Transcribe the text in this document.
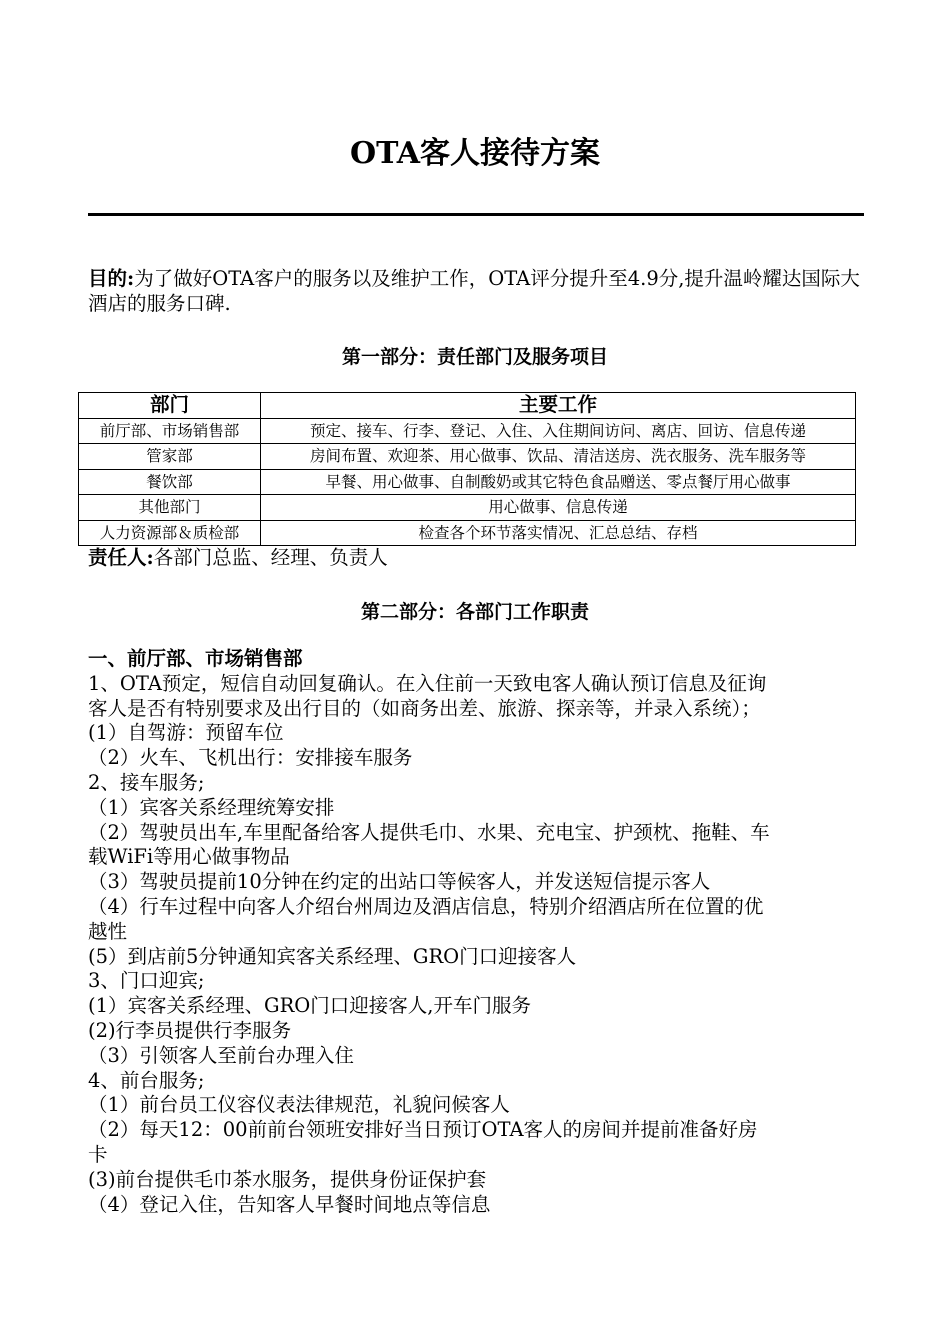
OTA客人接待方案
目的:为了做好OTA客户的服务以及维护工作，OTA评分提升至4.9分,提升温岭耀达国际大酒店的服务口碑.
第一部分：责任部门及服务项目
部门	主要工作
前厅部、市场销售部	预定、接车、行李、登记、入住、入住期间访问、离店、回访、信息传递
管家部	房间布置、欢迎茶、用心做事、饮品、清洁送房、洗衣服务、洗车服务等
餐饮部	早餐、用心做事、自制酸奶或其它特色食品赠送、零点餐厅用心做事
其他部门	用心做事、信息传递
人力资源部＆质检部	检查各个环节落实情况、汇总总结、存档
责任人:各部门总监、经理、负责人
第二部分：各部门工作职责
一、前厅部、市场销售部
1、OTA预定，短信自动回复确认。在入住前一天致电客人确认预订信息及征询
客人是否有特别要求及出行目的（如商务出差、旅游、探亲等，并录入系统）；
(1）自驾游：预留车位
（2）火车、飞机出行：安排接车服务
2、接车服务;
（1）宾客关系经理统筹安排
（2）驾驶员出车,车里配备给客人提供毛巾、水果、充电宝、护颈枕、拖鞋、车
载WiFi等用心做事物品
（3）驾驶员提前10分钟在约定的出站口等候客人，并发送短信提示客人
（4）行车过程中向客人介绍台州周边及酒店信息，特别介绍酒店所在位置的优
越性
(5）到店前5分钟通知宾客关系经理、GRO门口迎接客人
3、门口迎宾;
(1）宾客关系经理、GRO门口迎接客人,开车门服务
(2)行李员提供行李服务
（3）引领客人至前台办理入住
4、前台服务;
（1）前台员工仪容仪表法律规范，礼貌问候客人
（2）每天12：00前前台领班安排好当日预订OTA客人的房间并提前准备好房
卡
(3)前台提供毛巾茶水服务，提供身份证保护套
（4）登记入住，告知客人早餐时间地点等信息
